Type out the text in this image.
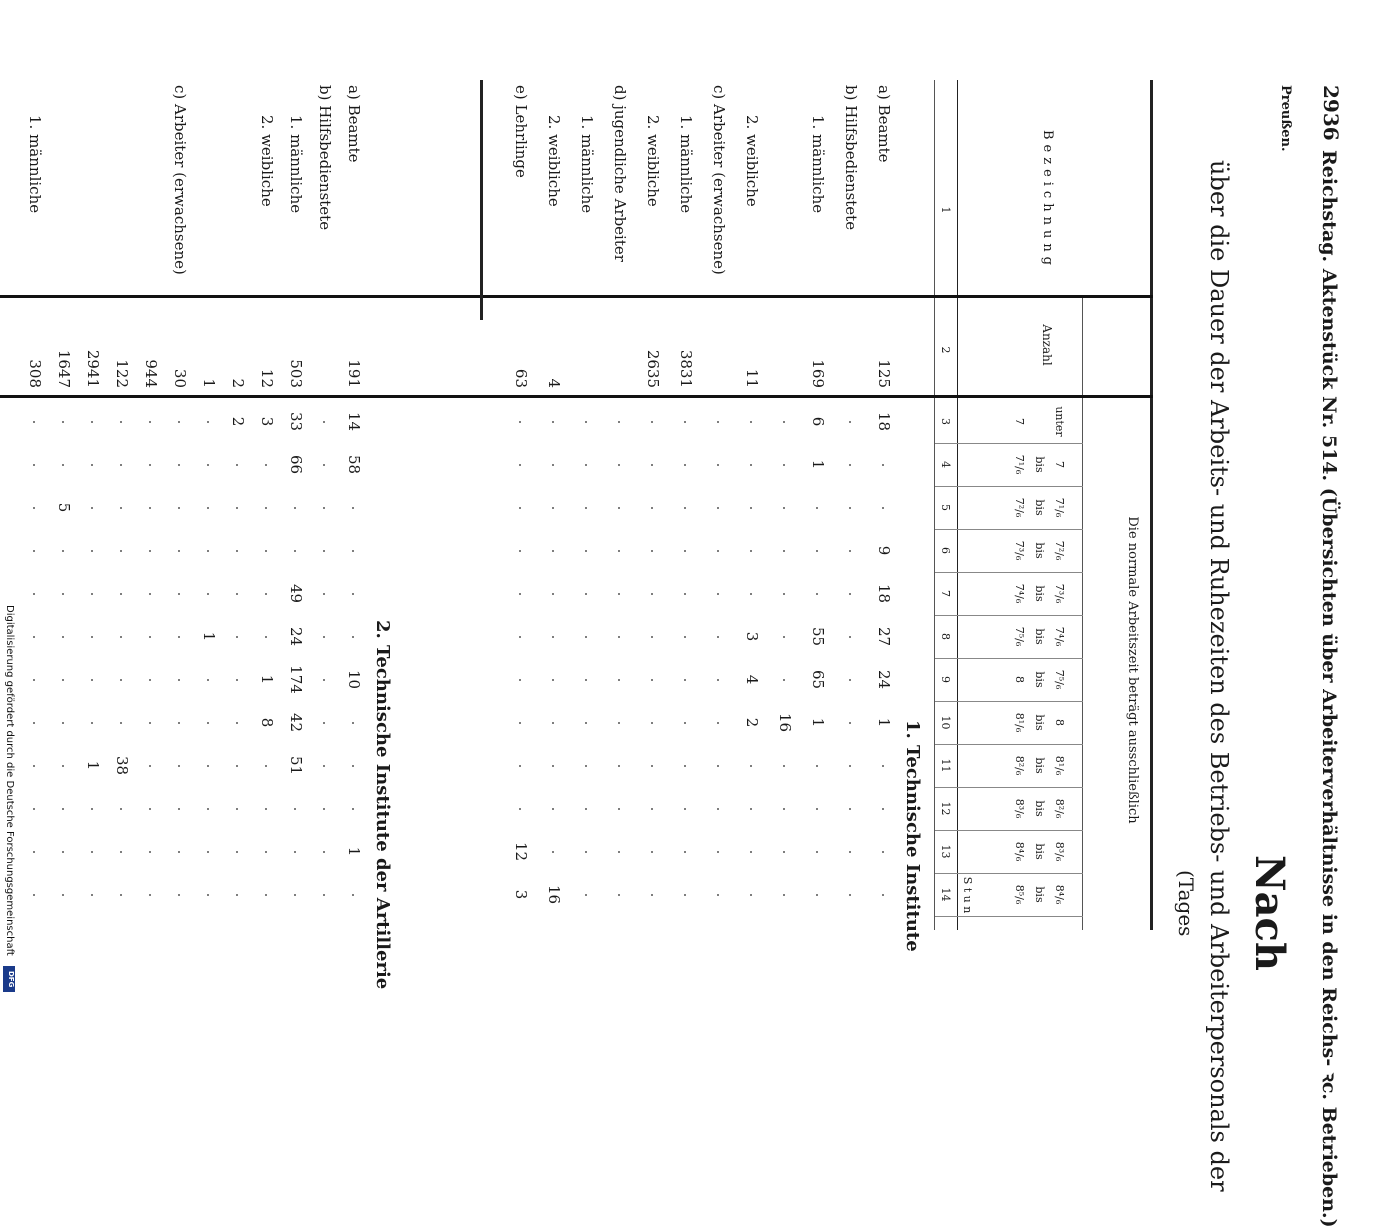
2936
Reichstag. Aktenstück Nr. 514. (Übersichten über Arbeiterverhältnisse in den Reichs- ꝛc. Betrieben.)
Preußen.
Nach
über die Dauer der Arbeits- und Ruhezeiten des Betriebs- und Arbeiterpersonals der
(Tages
Bezeichnung
Anzahl
Die normale Arbeitszeit beträgt ausschließlich
S t u n
unter
7
7
bis
7¹/₆
7¹/₆
bis
7²/₆
7²/₆
bis
7³/₆
7³/₆
bis
7⁴/₆
7⁴/₆
bis
7⁵/₆
7⁵/₆
bis
8
8
bis
8¹/₆
8¹/₆
bis
8²/₆
8²/₆
bis
8³/₆
8³/₆
bis
8⁴/₆
8⁴/₆
bis
8⁵/₆
1
2
3
4
5
6
7
8
9
10
11
12
13
14
1. Technische Institute
a) Beamte
125
18
9
18
27
24
1
b) Hilfsbedienstete
1. männliche
169
6
1
55
65
1
16
2. weibliche
11
3
4
2
c) Arbeiter (erwachsene)
1. männliche
3831
2. weibliche
2635
d) jugendliche Arbeiter
1. männliche
2. weibliche
4
16
e) Lehrlinge
63
12
3
2. Technische Institute der Artillerie
a) Beamte
191
14
58
10
1
b) Hilfsbedienstete
1. männliche
503
33
66
49
24
174
42
51
2. weibliche
12
3
1
8
2
2
1
1
c) Arbeiter (erwachsene)
30
944
122
38
2941
1
1647
5
1. männliche
308
Digitalisierung gefördert durch die Deutsche Forschungsgemeinschaft
DFG
